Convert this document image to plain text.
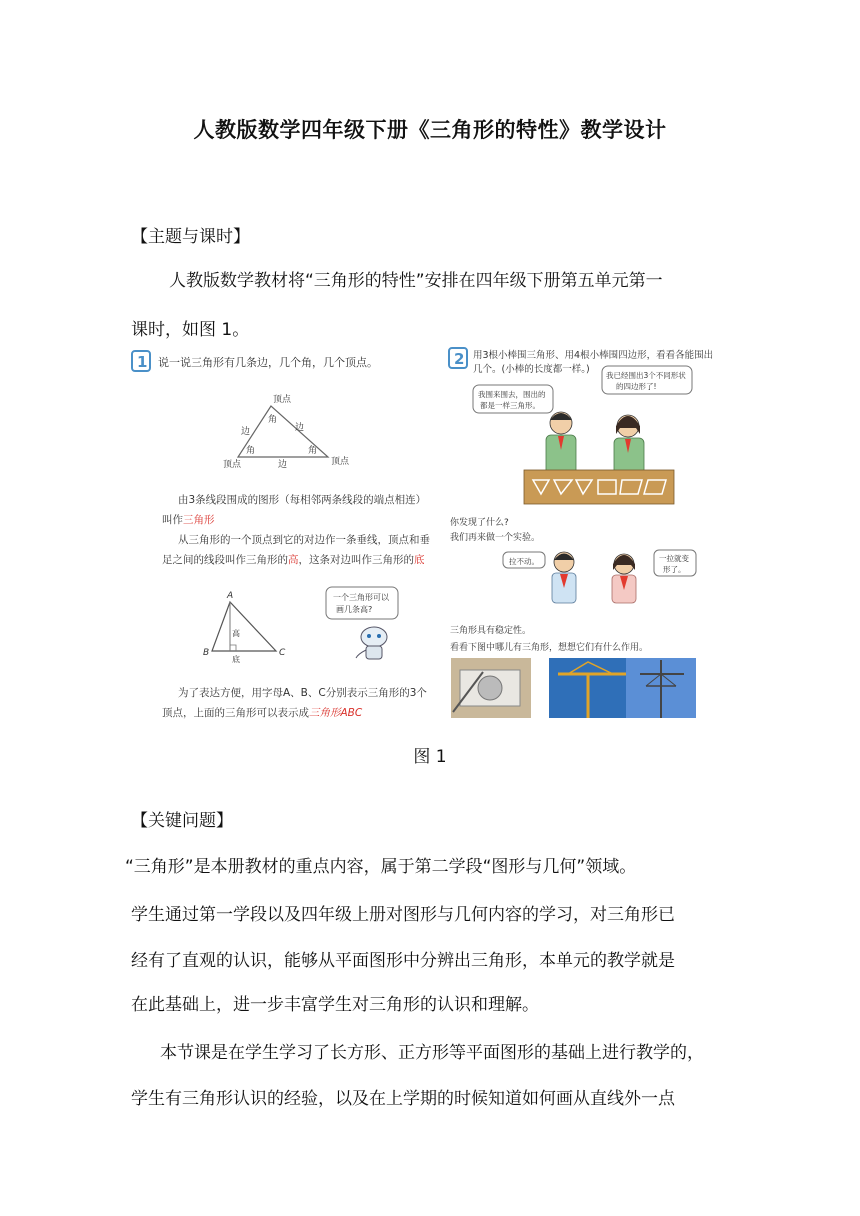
人教版数学四年级下册《三角形的特性》教学设计
【主题与课时】
人教版数学教材将“三角形的特性”安排在四年级下册第五单元第一
课时，如图 1。
1 说一说三角形有几条边，几个角，几个顶点。
顶点
角
边	边
角	角
顶点	边	顶点
由3条线段围成的图形（每相邻两条线段的端点相连）
叫作三角形
从三角形的一个顶点到它的对边作一条垂线，顶点和垂
足之间的线段叫作三角形的高，这条对边叫作三角形的底
A
B	C
高
底
一个三角形可以
画几条高?
为了表达方便，用字母A、B、C分别表示三角形的3个
顶点，上面的三角形可以表示成三角形ABC
2 用3根小棒围三角形、用4根小棒围四边形，看看各能围出
几个。(小棒的长度都一样。)
我围来围去，围出的
都是一样三角形。
我已经围出3个不同形状
的四边形了!
你发现了什么?
我们再来做一个实验。
拉不动。	一拉就变
形了。
三角形具有稳定性。
看看下图中哪儿有三角形，想想它们有什么作用。
图 1
【关键问题】
“三角形”是本册教材的重点内容，属于第二学段“图形与几何”领域。
学生通过第一学段以及四年级上册对图形与几何内容的学习，对三角形已
经有了直观的认识，能够从平面图形中分辨出三角形，本单元的教学就是
在此基础上，进一步丰富学生对三角形的认识和理解。
本节课是在学生学习了长方形、正方形等平面图形的基础上进行教学的，
学生有三角形认识的经验，以及在上学期的时候知道如何画从直线外一点
